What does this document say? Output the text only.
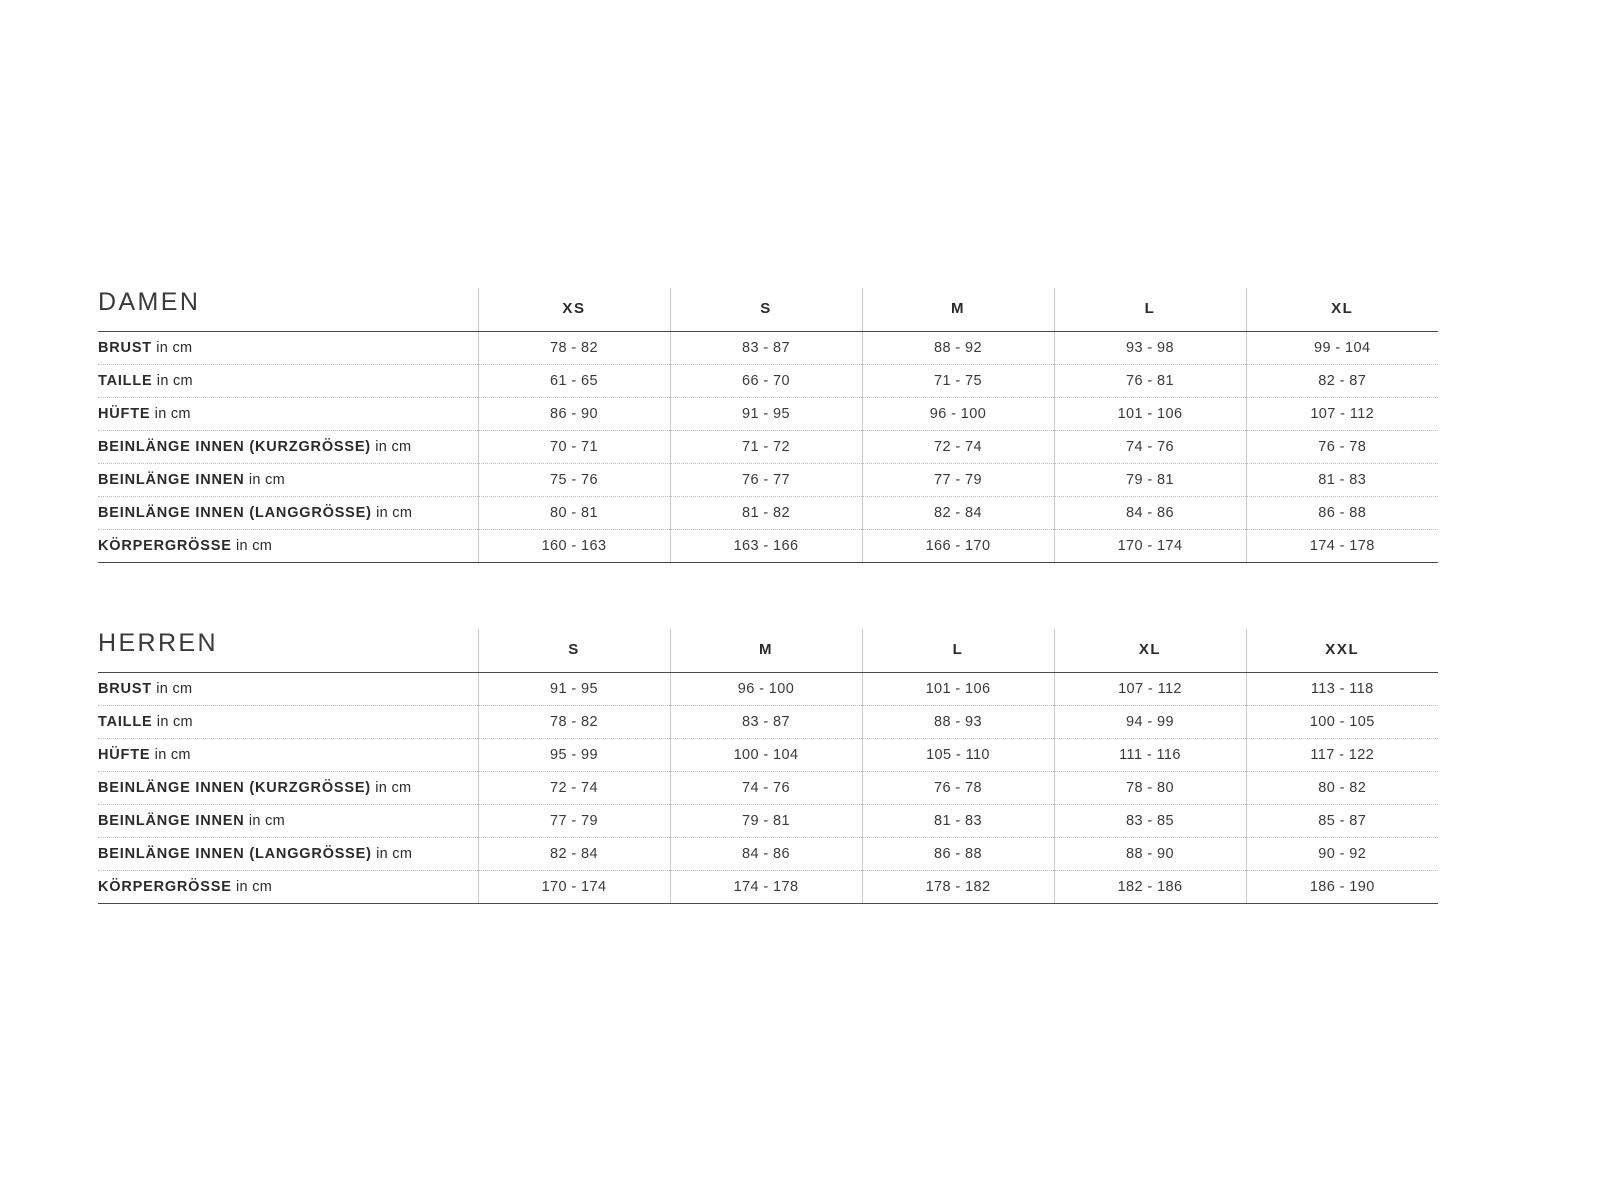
DAMEN	XS	S	M	L	XL
BRUST in cm	78 - 82	83 - 87	88 - 92	93 - 98	99 - 104
TAILLE in cm	61 - 65	66 - 70	71 - 75	76 - 81	82 - 87
HÜFTE in cm	86 - 90	91 - 95	96 - 100	101 - 106	107 - 112
BEINLÄNGE INNEN (KURZGRÖSSE) in cm	70 - 71	71 - 72	72 - 74	74 - 76	76 - 78
BEINLÄNGE INNEN in cm	75 - 76	76 - 77	77 - 79	79 - 81	81 - 83
BEINLÄNGE INNEN (LANGGRÖSSE) in cm	80 - 81	81 - 82	82 - 84	84 - 86	86 - 88
KÖRPERGRÖSSE in cm	160 - 163	163 - 166	166 - 170	170 - 174	174 - 178
HERREN	S	M	L	XL	XXL
BRUST in cm	91 - 95	96 - 100	101 - 106	107 - 112	113 - 118
TAILLE in cm	78 - 82	83 - 87	88 - 93	94 - 99	100 - 105
HÜFTE in cm	95 - 99	100 - 104	105 - 110	111 - 116	117 - 122
BEINLÄNGE INNEN (KURZGRÖSSE) in cm	72 - 74	74 - 76	76 - 78	78 - 80	80 - 82
BEINLÄNGE INNEN in cm	77 - 79	79 - 81	81 - 83	83 - 85	85 - 87
BEINLÄNGE INNEN (LANGGRÖSSE) in cm	82 - 84	84 - 86	86 - 88	88 - 90	90 - 92
KÖRPERGRÖSSE in cm	170 - 174	174 - 178	178 - 182	182 - 186	186 - 190
